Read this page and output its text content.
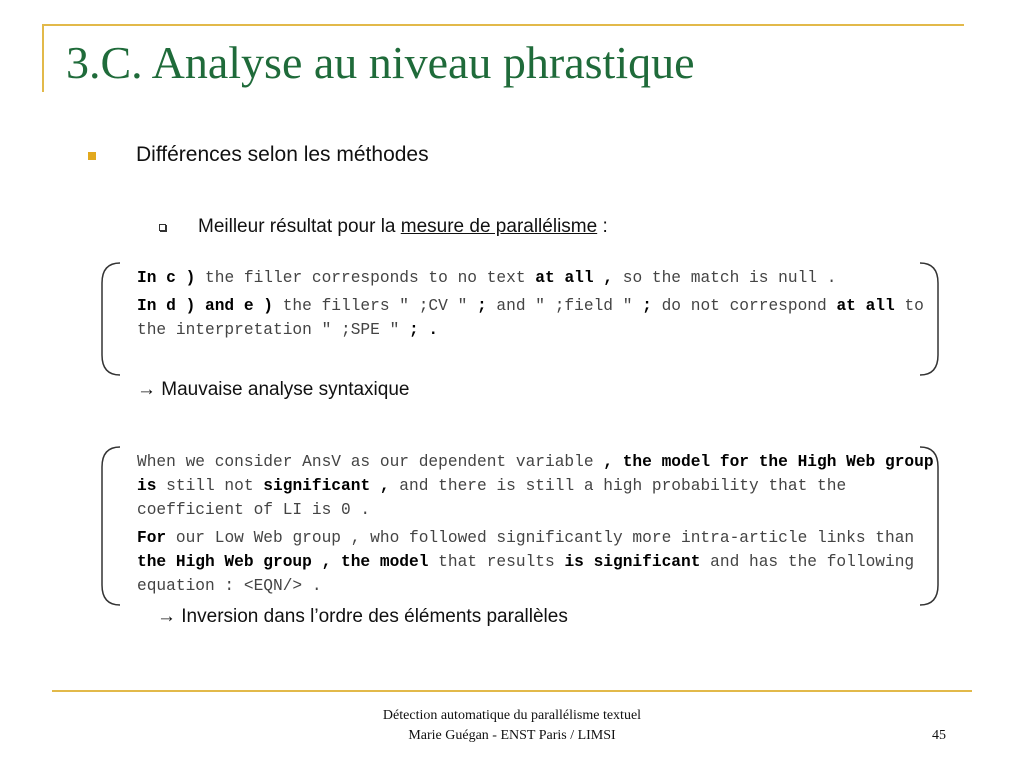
3.C. Analyse au niveau phrastique
Différences selon les méthodes
Meilleur résultat pour la mesure de parallélisme :

In c ) the filler corresponds to no text at all , so the match is null .

In d ) and e ) the fillers " ;CV " ; and " ;field " ; do not correspond at all to the interpretation " ;SPE " ; .

→ Mauvaise analyse syntaxique

When we consider AnsV as our dependent variable , the model for the High Web group is still not significant , and there is still a high probability that the coefficient of LI is 0 .

For our Low Web group , who followed significantly more intra-article links than the High Web group , the model that results is significant and has the following equation : <EQN/> .

→ Inversion dans l’ordre des éléments parallèles
Détection automatique du parallélisme textuel
Marie Guégan - ENST Paris / LIMSI	45
